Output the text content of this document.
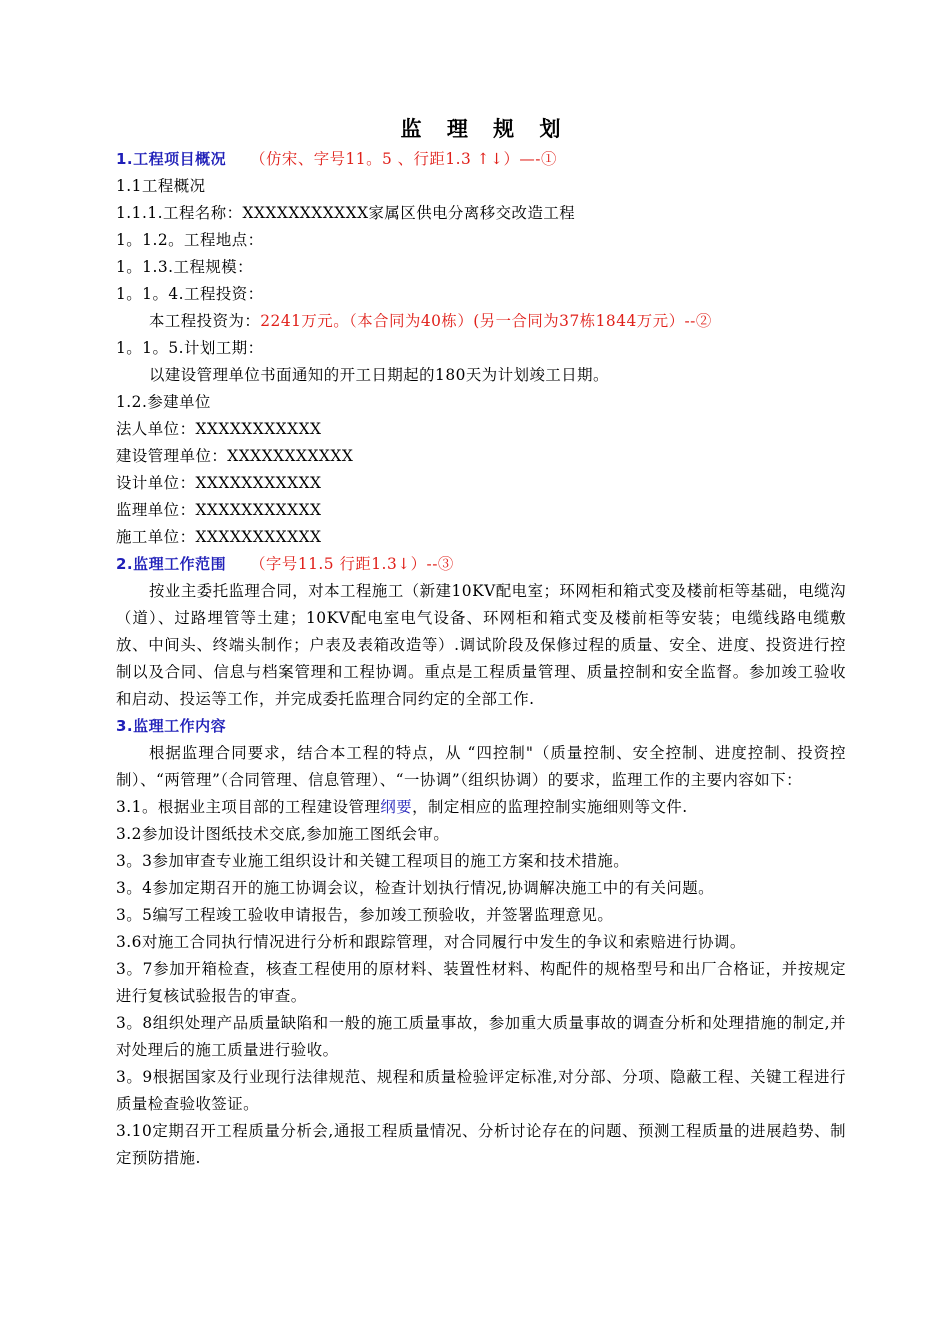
监 理 规 划
1.工程项目概况 （仿宋、字号11。5 、行距1.3 ↑↓）—-①
1.1工程概况
1.1.1.工程名称：XXXXXXXXXXX家属区供电分离移交改造工程
1。1.2。工程地点：
1。1.3.工程规模：
1。1。4.工程投资：
本工程投资为：2241万元。（本合同为40栋）(另一合同为37栋1844万元）--②
1。1。5.计划工期：
以建设管理单位书面通知的开工日期起的180天为计划竣工日期。
1.2.参建单位
法人单位：XXXXXXXXXXX
建设管理单位：XXXXXXXXXXX
设计单位：XXXXXXXXXXX
监理单位：XXXXXXXXXXX
施工单位：XXXXXXXXXXX
2.监理工作范围 （字号11.5 行距1.3↓）--③

按业主委托监理合同，对本工程施工（新建10KV配电室；环网柜和箱式变及楼前柜等基础，电缆沟（道）、过路埋管等土建；10KV配电室电气设备、环网柜和箱式变及楼前柜等安装；电缆线路电缆敷放、中间头、终端头制作；户表及表箱改造等）.调试阶段及保修过程的质量、安全、进度、投资进行控制以及合同、信息与档案管理和工程协调。重点是工程质量管理、质量控制和安全监督。参加竣工验收和启动、投运等工作，并完成委托监理合同约定的全部工作.

3.监理工作内容

根据监理合同要求，结合本工程的特点，从 “四控制"（质量控制、安全控制、进度控制、投资控制）、“两管理”（合同管理、信息管理）、“一协调”（组织协调）的要求，监理工作的主要内容如下：

3.1。根据业主项目部的工程建设管理纲要，制定相应的监理控制实施细则等文件.

3.2参加设计图纸技术交底,参加施工图纸会审。

3。3参加审查专业施工组织设计和关键工程项目的施工方案和技术措施。

3。4参加定期召开的施工协调会议，检查计划执行情况,协调解决施工中的有关问题。

3。5编写工程竣工验收申请报告，参加竣工预验收，并签署监理意见。

3.6对施工合同执行情况进行分析和跟踪管理，对合同履行中发生的争议和索赔进行协调。

3。7参加开箱检查，核查工程使用的原材料、装置性材料、构配件的规格型号和出厂合格证，并按规定进行复核试验报告的审查。

3。8组织处理产品质量缺陷和一般的施工质量事故，参加重大质量事故的调查分析和处理措施的制定,并对处理后的施工质量进行验收。

3。9根据国家及行业现行法律规范、规程和质量检验评定标准,对分部、分项、隐蔽工程、关键工程进行质量检查验收签证。

3.10定期召开工程质量分析会,通报工程质量情况、分析讨论存在的问题、预测工程质量的进展趋势、制定预防措施.
